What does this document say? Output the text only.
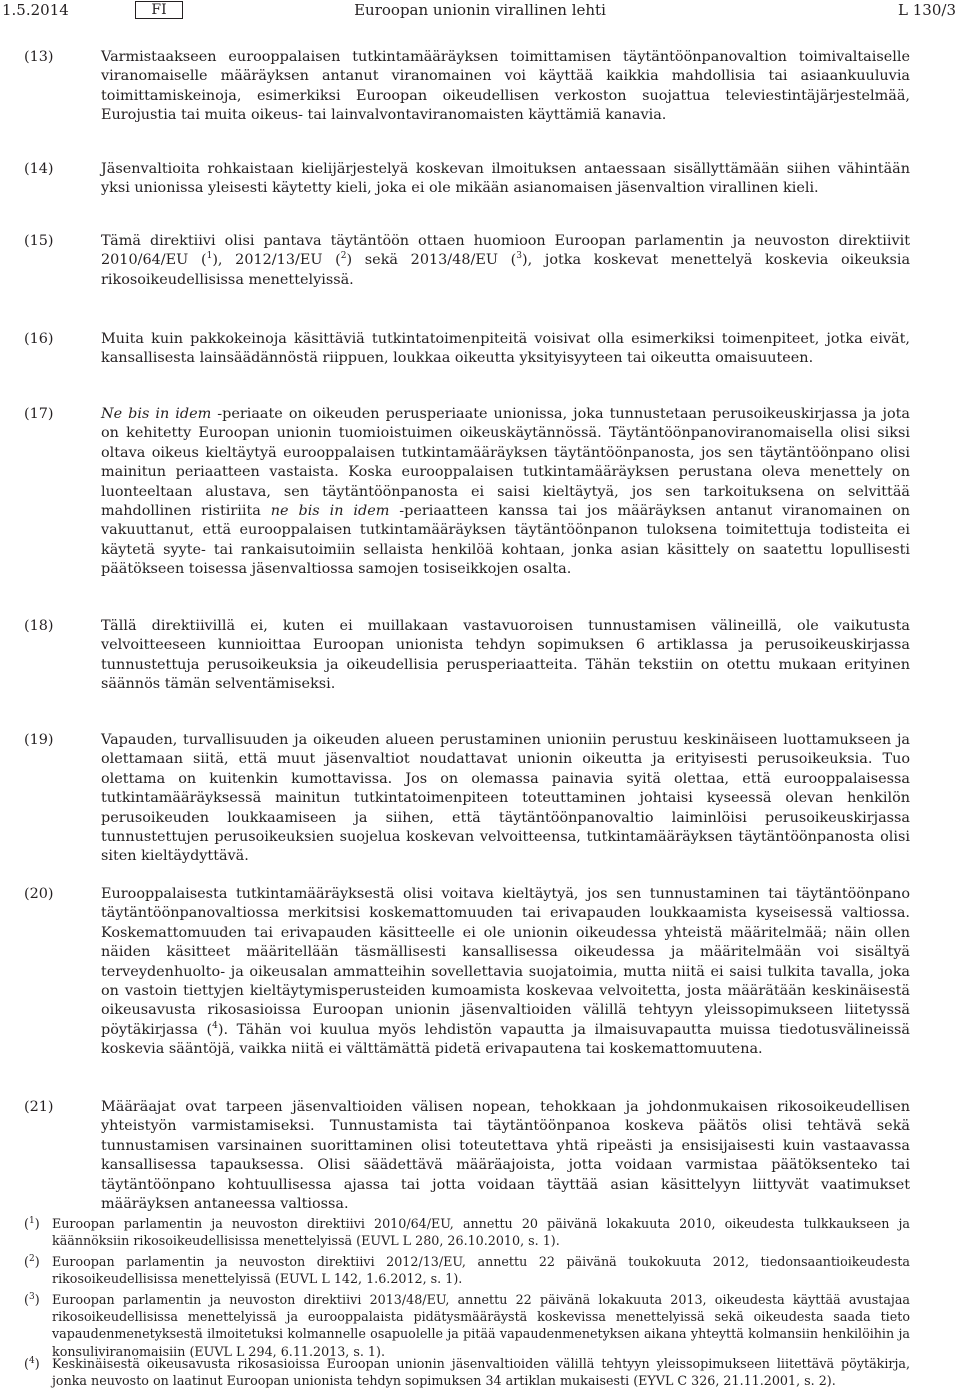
1.5.2014	FI	Euroopan unionin virallinen lehti	L 130/3
(13)	Varmistaakseen eurooppalaisen tutkintamääräyksen toimittamisen täytäntöönpanovaltion toimivaltaiselle viranomaiselle määräyksen antanut viranomainen voi käyttää kaikkia mahdollisia tai asiaankuuluvia toimittamiskeinoja, esimerkiksi Euroopan oikeudellisen verkoston suojattua televiestintäjärjestelmää, Eurojustia tai muita oikeus- tai lainvalvontaviranomaisten käyttämiä kanavia.
(14)	Jäsenvaltioita rohkaistaan kielijärjestelyä koskevan ilmoituksen antaessaan sisällyttämään siihen vähintään yksi unionissa yleisesti käytetty kieli, joka ei ole mikään asianomaisen jäsenvaltion virallinen kieli.
(15)	Tämä direktiivi olisi pantava täytäntöön ottaen huomioon Euroopan parlamentin ja neuvoston direktiivit 2010/64/EU ($^1$), 2012/13/EU ($^2$) sekä 2013/48/EU ($^3$), jotka koskevat menettelyä koskevia oikeuksia rikosoikeudellisissa menettelyissä.
(16)	Muita kuin pakkokeinoja käsittäviä tutkintatoimenpiteitä voisivat olla esimerkiksi toimenpiteet, jotka eivät, kansallisesta lainsäädännöstä riippuen, loukkaa oikeutta yksityisyyteen tai oikeutta omaisuuteen.
(17)	Ne bis in idem -periaate on oikeuden perusperiaate unionissa, joka tunnustetaan perusoikeuskirjassa ja jota on kehitetty Euroopan unionin tuomioistuimen oikeuskäytännössä. Täytäntöönpanoviranomaisella olisi siksi oltava oikeus kieltäytyä eurooppalaisen tutkintamääräyksen täytäntöönpanosta, jos sen täytäntöönpano olisi mainitun periaatteen vastaista. Koska eurooppalaisen tutkintamääräyksen perustana oleva menettely on luonteeltaan alustava, sen täytäntöönpanosta ei saisi kieltäytyä, jos sen tarkoituksena on selvittää mahdollinen ristiriita ne bis in idem -periaatteen kanssa tai jos määräyksen antanut viranomainen on vakuuttanut, että eurooppalaisen tutkintamääräyksen täytäntöönpanon tuloksena toimitettuja todisteita ei käytetä syyte- tai rankaisutoimiin sellaista henkilöä kohtaan, jonka asian käsittely on saatettu lopullisesti päätökseen toisessa jäsenvaltiossa samojen tosiseikkojen osalta.
(18)	Tällä direktiivillä ei, kuten ei muillakaan vastavuoroisen tunnustamisen välineillä, ole vaikutusta velvoitteeseen kunnioittaa Euroopan unionista tehdyn sopimuksen 6 artiklassa ja perusoikeuskirjassa tunnustettuja perusoikeuksia ja oikeudellisia perusperiaatteita. Tähän tekstiin on otettu mukaan erityinen säännös tämän selventämiseksi.
(19)	Vapauden, turvallisuuden ja oikeuden alueen perustaminen unioniin perustuu keskinäiseen luottamukseen ja olettamaan siitä, että muut jäsenvaltiot noudattavat unionin oikeutta ja erityisesti perusoikeuksia. Tuo olettama on kuitenkin kumottavissa. Jos on olemassa painavia syitä olettaa, että eurooppalaisessa tutkintamääräyksessä mainitun tutkintatoimenpiteen toteuttaminen johtaisi kyseessä olevan henkilön perusoikeuden loukkaamiseen ja siihen, että täytäntöönpanovaltio laiminlöisi perusoikeuskirjassa tunnustettujen perusoikeuksien suojelua koskevan velvoitteensa, tutkintamääräyksen täytäntöönpanosta olisi siten kieltäydyttävä.
(20)	Eurooppalaisesta tutkintamääräyksestä olisi voitava kieltäytyä, jos sen tunnustaminen tai täytäntöönpano täytäntöönpanovaltiossa merkitsisi koskemattomuuden tai erivapauden loukkaamista kyseisessä valtiossa. Koskemattomuuden tai erivapauden käsitteelle ei ole unionin oikeudessa yhteistä määritelmää; näin ollen näiden käsitteet määritellään täsmällisesti kansallisessa oikeudessa ja määritelmään voi sisältyä terveydenhuolto- ja oikeusalan ammatteihin sovellettavia suojatoimia, mutta niitä ei saisi tulkita tavalla, joka on vastoin tiettyjen kieltäytymisperusteiden kumoamista koskevaa velvoitetta, josta määrätään keskinäisestä oikeusavusta rikosasioissa Euroopan unionin jäsenvaltioiden välillä tehtyyn yleissopimukseen liitetyssä pöytäkirjassa ($^4$). Tähän voi kuulua myös lehdistön vapautta ja ilmaisuvapautta muissa tiedotusvälineissä koskevia sääntöjä, vaikka niitä ei välttämättä pidetä erivapautena tai koskemattomuutena.
(21)	Määräajat ovat tarpeen jäsenvaltioiden välisen nopean, tehokkaan ja johdonmukaisen rikosoikeudellisen yhteistyön varmistamiseksi. Tunnustamista tai täytäntöönpanoa koskeva päätös olisi tehtävä sekä tunnustamisen varsinainen suorittaminen olisi toteutettava yhtä ripeästi ja ensisijaisesti kuin vastaavassa kansallisessa tapauksessa. Olisi säädettävä määräajoista, jotta voidaan varmistaa päätöksenteko tai täytäntöönpano kohtuullisessa ajassa tai jotta voidaan täyttää asian käsittelyyn liittyvät vaatimukset määräyksen antaneessa valtiossa.
($^1$) Euroopan parlamentin ja neuvoston direktiivi 2010/64/EU, annettu 20 päivänä lokakuuta 2010, oikeudesta tulkkaukseen ja käännöksiin rikosoikeudellisissa menettelyissä (EUVL L 280, 26.10.2010, s. 1).
($^2$) Euroopan parlamentin ja neuvoston direktiivi 2012/13/EU, annettu 22 päivänä toukokuuta 2012, tiedonsaantioikeudesta rikosoikeudellisissa menettelyissä (EUVL L 142, 1.6.2012, s. 1).
($^3$) Euroopan parlamentin ja neuvoston direktiivi 2013/48/EU, annettu 22 päivänä lokakuuta 2013, oikeudesta käyttää avustajaa rikosoikeudellisissa menettelyissä ja eurooppalaista pidätysmääräystä koskevissa menettelyissä sekä oikeudesta saada tieto vapaudenmenetyksestä ilmoitetuksi kolmannelle osapuolelle ja pitää vapaudenmenetyksen aikana yhteyttä kolmansiin henkilöihin ja konsuliviranomaisiin (EUVL L 294, 6.11.2013, s. 1).
($^4$) Keskinäisestä oikeusavusta rikosasioissa Euroopan unionin jäsenvaltioiden välillä tehtyyn yleissopimukseen liitettävä pöytäkirja, jonka neuvosto on laatinut Euroopan unionista tehdyn sopimuksen 34 artiklan mukaisesti (EYVL C 326, 21.11.2001, s. 2).
